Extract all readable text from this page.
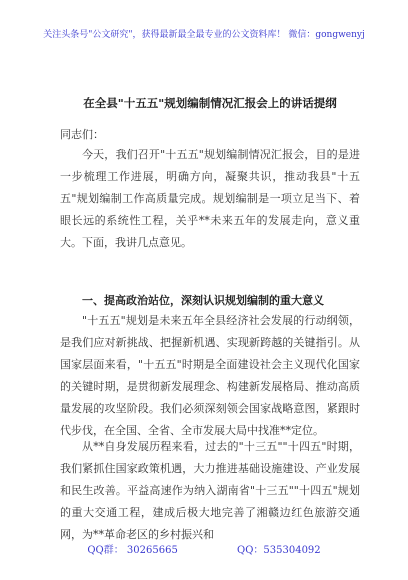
关注头条号"公文研究"，获得最新最全最专业的公文资料库！ 微信：gongwenyj
在全县"十五五"规划编制情况汇报会上的讲话提纲
同志们：

今天，我们召开"十五五"规划编制情况汇报会，目的是进一步梳理工作进展，明确方向，凝聚共识，推动我县"十五五"规划编制工作高质量完成。规划编制是一项立足当下、着眼长远的系统性工程，关乎**未来五年的发展走向，意义重大。下面，我讲几点意见。

一、提高政治站位，深刻认识规划编制的重大意义

"十五五"规划是未来五年全县经济社会发展的行动纲领，是我们应对新挑战、把握新机遇、实现新跨越的关键指引。从国家层面来看，"十五五"时期是全面建设社会主义现代化国家的关键时期，是贯彻新发展理念、构建新发展格局、推动高质量发展的攻坚阶段。我们必须深刻领会国家战略意图，紧跟时代步伐，在全国、全省、全市发展大局中找准**定位。

从**自身发展历程来看，过去的"十三五""十四五"时期，我们紧抓住国家政策机遇，大力推进基础设施建设、产业发展和民生改善。平益高速作为纳入湖南省"十三五""十四五"规划的重大交通工程，建成后极大地完善了湘赣边红色旅游交通网，为**革命老区的乡村振兴和

QQ群： 30265665	QQ：535304092
